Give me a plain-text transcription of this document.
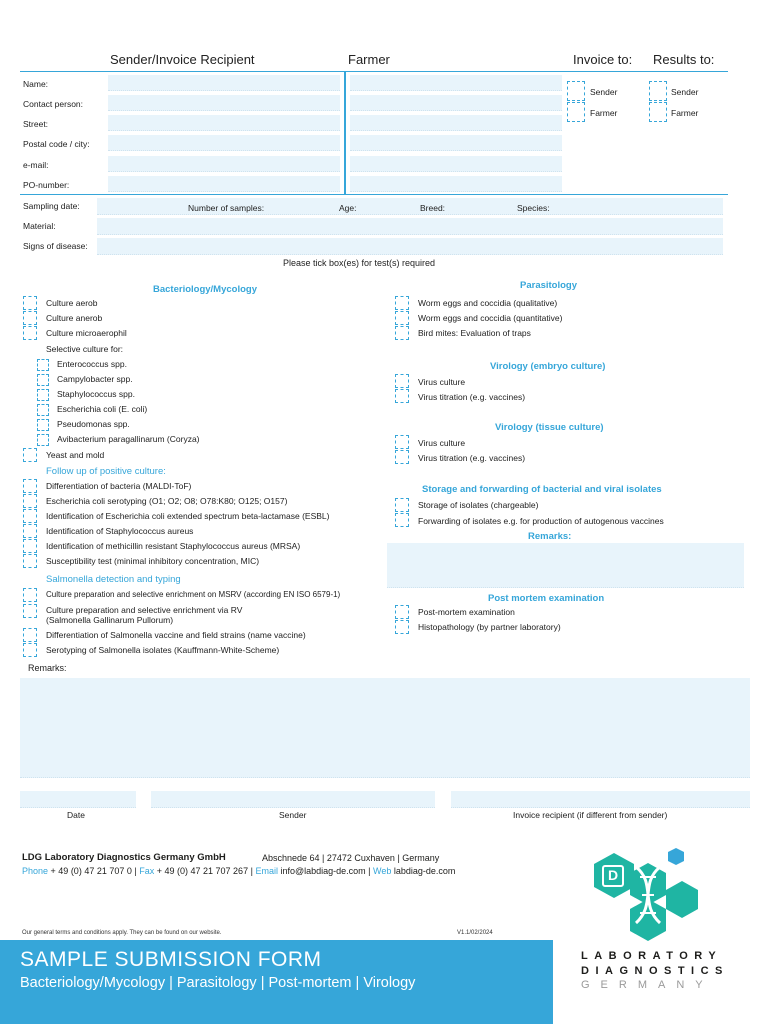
Sender/Invoice Recipient	Farmer	Invoice to: Results to:
Name:
Contact person:
Street:
Postal code / city:
e-mail:
PO-number:
Sender
Farmer
Sender
Farmer
Sampling date:	Number of samples:	Age:	Breed:	Species:
Material:
Signs of disease:
Please tick box(es) for test(s) required
Bacteriology/Mycology
Culture aerob
Culture anerob
Culture microaerophil
Selective culture for:
Enterococcus spp.
Campylobacter spp.
Staphylococcus spp.
Escherichia coli (E. coli)
Pseudomonas spp.
Avibacterium paragallinarum (Coryza)
Yeast and mold
Follow up of positive culture:
Differentiation of bacteria (MALDI-ToF)
Escherichia coli serotyping (O1; O2; O8; O78:K80; O125; O157)
Identification of Escherichia coli extended spectrum beta-lactamase (ESBL)
Identification of Staphylococcus aureus
Identification of methicillin resistant Staphylococcus aureus (MRSA)
Susceptibility test (minimal inhibitory concentration, MIC)
Salmonella detection and typing
Culture preparation and selective enrichment on MSRV (according EN ISO 6579-1)
Culture preparation and selective enrichment via RV
(Salmonella Gallinarum Pullorum)
Differentiation of Salmonella vaccine and field strains (name vaccine)
Serotyping of Salmonella isolates (Kauffmann-White-Scheme)
Parasitology
Worm eggs and coccidia (qualitative)
Worm eggs and coccidia (quantitative)
Bird mites: Evaluation of traps
Virology (embryo culture)
Virus culture
Virus titration (e.g. vaccines)
Virology (tissue culture)
Virus culture
Virus titration (e.g. vaccines)
Storage and forwarding of bacterial and viral isolates
Storage of isolates (chargeable)
Forwarding of isolates e.g. for production of autogenous vaccines
Remarks:
Post mortem examination
Post-mortem examination
Histopathology (by partner laboratory)
Remarks:
Date	Sender	Invoice recipient (if different from sender)
LDG Laboratory Diagnostics Germany GmbH	Abschnede 64 | 27472 Cuxhaven | Germany
Phone + 49 (0) 47 21 707 0 | Fax + 49 (0) 47 21 707 267 | Email info@labdiag-de.com | Web labdiag-de.com
Our general terms and conditions apply. They can be found on our website.	V1.1/02/2024
SAMPLE SUBMISSION FORM
Bacteriology/Mycology | Parasitology | Post-mortem | Virology
D
LABORATORY
DIAGNOSTICS
GERMANY
